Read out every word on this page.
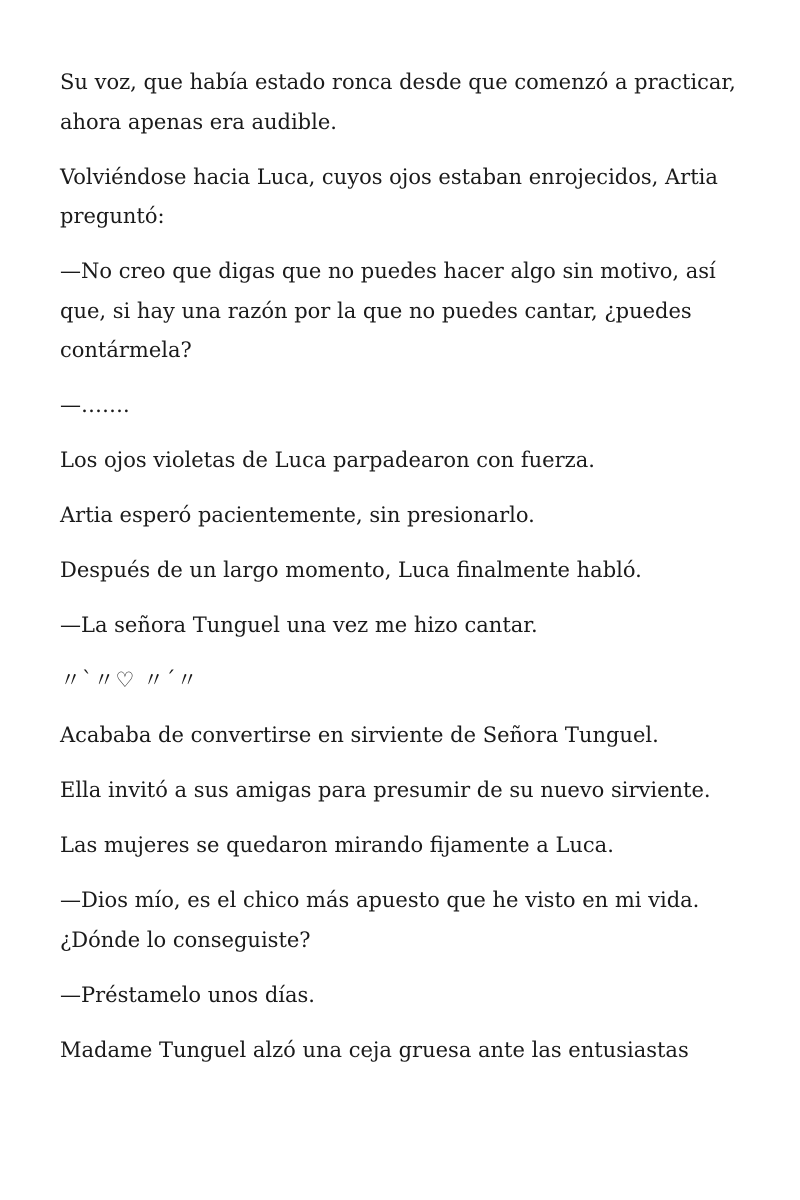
Su voz, que había estado ronca desde que comenzó a practicar, ahora apenas era audible.

Volviéndose hacia Luca, cuyos ojos estaban enrojecidos, Artia preguntó:

—No creo que digas que no puedes hacer algo sin motivo, así que, si hay una razón por la que no puedes cantar, ¿puedes contármela?

—…….

Los ojos violetas de Luca parpadearon con fuerza.

Artia esperó pacientemente, sin presionarlo.

Después de un largo momento, Luca finalmente habló.

—La señora Tunguel una vez me hizo cantar.

〃`〃♡ 〃´〃

Acababa de convertirse en sirviente de Señora Tunguel.

Ella invitó a sus amigas para presumir de su nuevo sirviente.

Las mujeres se quedaron mirando fijamente a Luca.

—Dios mío, es el chico más apuesto que he visto en mi vida. ¿Dónde lo conseguiste?

—Préstamelo unos días.

Madame Tunguel alzó una ceja gruesa ante las entusiastas
